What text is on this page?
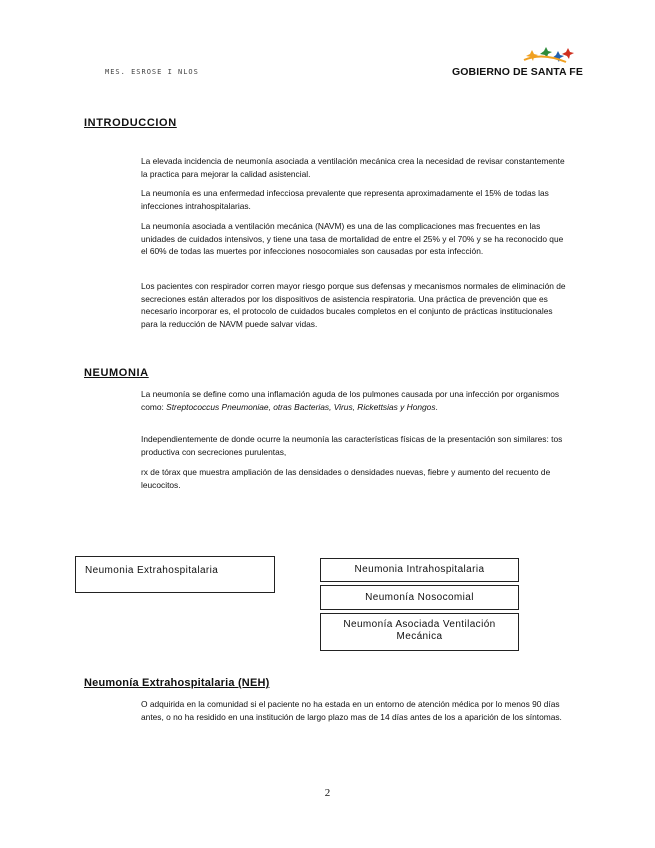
MES. ESROSE I NLOS	GOBIERNO DE SANTA FE
INTRODUCCION

La elevada incidencia de neumonía asociada a ventilación mecánica crea la necesidad de revisar constantemente la practica para mejorar la calidad asistencial.

La neumonía es una enfermedad infecciosa prevalente que representa aproximadamente el 15% de todas las infecciones intrahospitalarias.

La neumonía asociada a ventilación mecánica (NAVM) es una de las complicaciones mas frecuentes en las unidades de cuidados intensivos, y tiene una tasa de mortalidad de entre el 25% y el 70% y se ha reconocido que el 60% de todas las muertes por infecciones nosocomiales son causadas por esta infección.

Los pacientes con respirador corren mayor riesgo porque sus defensas y mecanismos normales de eliminación de secreciones están alterados por los dispositivos de asistencia respiratoria. Una práctica de prevención que es necesario incorporar es, el protocolo de cuidados bucales completos en el conjunto de prácticas institucionales para la reducción de NAVM puede salvar vidas.

NEUMONIA

La neumonía se define como una inflamación aguda de los pulmones causada por una infección por organismos como: Streptococcus Pneumoniae, otras Bacterias, Virus, Rickettsias y Hongos.

Independientemente de donde ocurre la neumonía las características físicas de la presentación son similares: tos productiva con secreciones purulentas,

rx de tórax que muestra ampliación de las densidades o densidades nuevas, fiebre y aumento del recuento de leucocitos.

Neumonia Extrahospitalaria	Neumonia Intrahospitalaria
Neumonía Nosocomial
Neumonía Asociada Ventilación Mecánica
Neumonía Extrahospitalaria (NEH)

O adquirida en la comunidad si el paciente no ha estada en un entorno de atención médica por lo menos 90 días antes, o no ha residido en una institución de largo plazo mas de 14 días antes de los a aparición de los síntomas.

2
